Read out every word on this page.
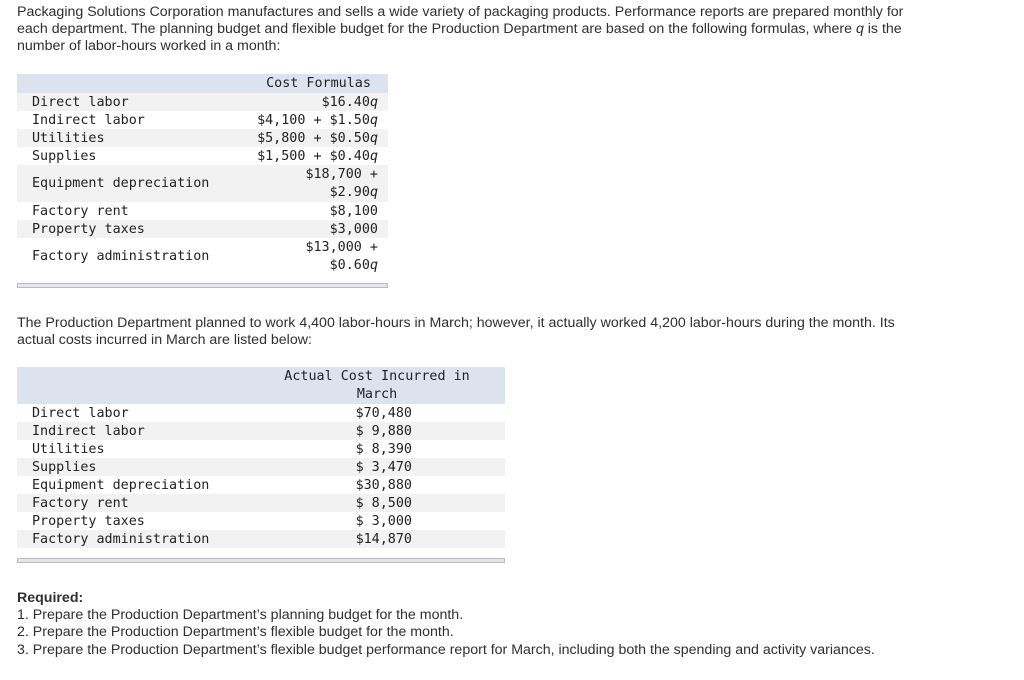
Packaging Solutions Corporation manufactures and sells a wide variety of packaging products. Performance reports are prepared monthly for each department. The planning budget and flexible budget for the Production Department are based on the following formulas, where q is the number of labor-hours worked in a month:
	Cost Formulas
Direct labor	$16.40q
Indirect labor	$4,100 + $1.50q
Utilities	$5,800 + $0.50q
Supplies	$1,500 + $0.40q
Equipment depreciation	$18,700 +
$2.90q

Factory rent	$8,100
Property taxes	$3,000
Factory administration	$13,000 +
$0.60q
The Production Department planned to work 4,400 labor-hours in March; however, it actually worked 4,200 labor-hours during the month. Its actual costs incurred in March are listed below:

	Actual Cost Incurred in
March

Direct labor	$70,480
Indirect labor	$ 9,880
Utilities	$ 8,390
Supplies	$ 3,470
Equipment depreciation	$30,880
Factory rent	$ 8,500
Property taxes	$ 3,000
Factory administration	$14,870
Required:
1. Prepare the Production Department’s planning budget for the month.
2. Prepare the Production Department’s flexible budget for the month.
3. Prepare the Production Department’s flexible budget performance report for March, including both the spending and activity variances.
